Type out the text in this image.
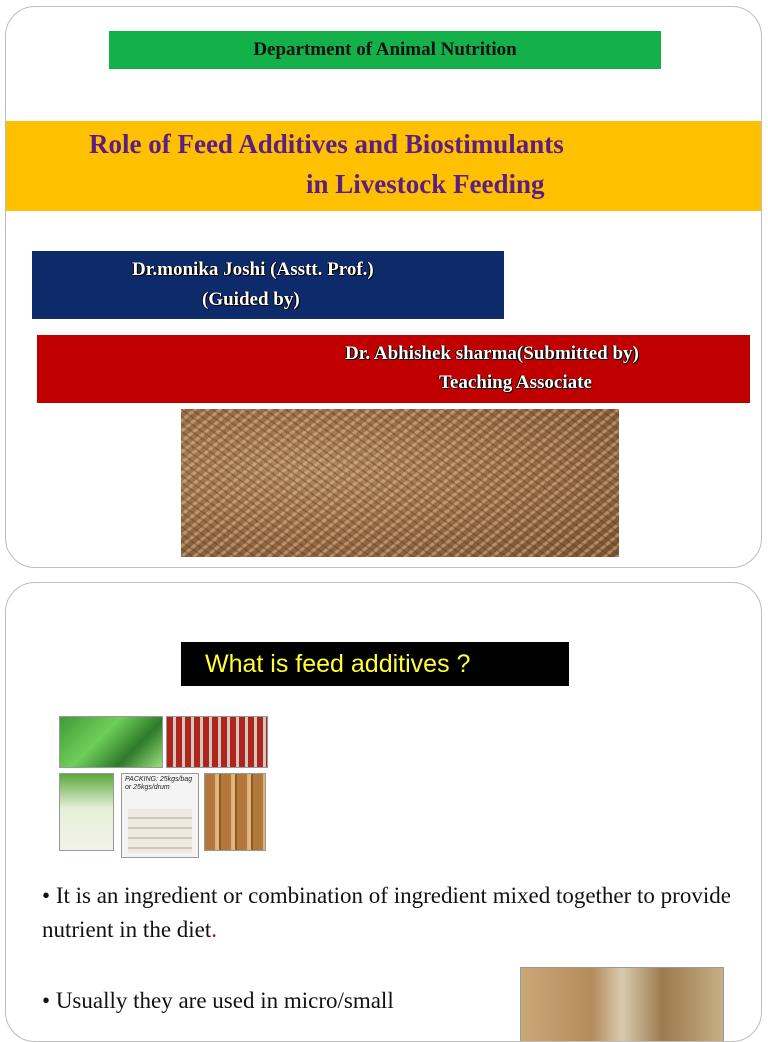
Department of Animal Nutrition
Role of Feed Additives and Biostimulants
in Livestock Feeding
Dr.monika Joshi (Asstt. Prof.)
(Guided by)
Dr. Abhishek sharma(Submitted by)
Teaching Associate
What is feed additives ?
PACKING: 25kgs/bag or 25kgs/drum
• It is an ingredient or combination of ingredient mixed together to provide nutrient in the diet.
• Usually they are used in micro/small
